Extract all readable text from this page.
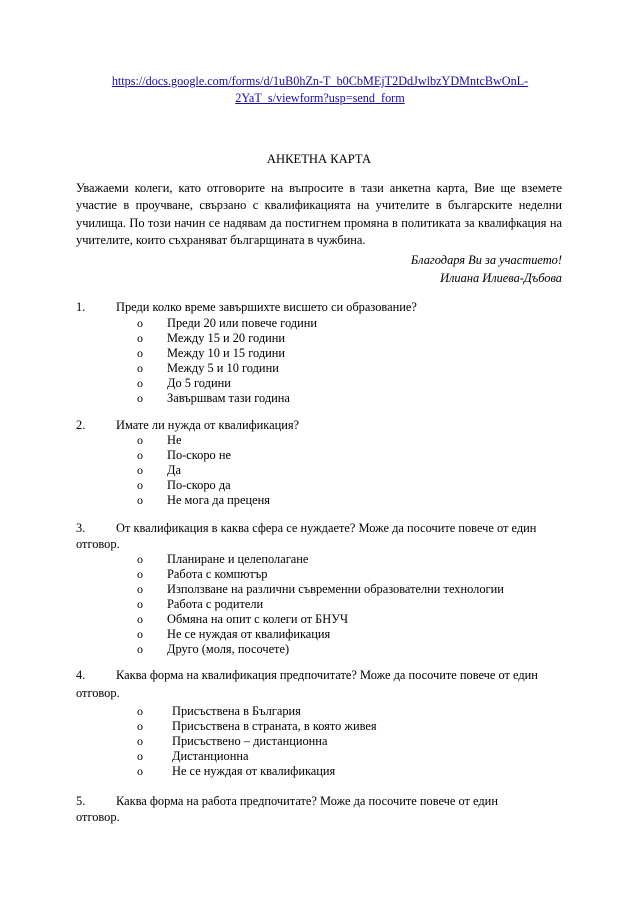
https://docs.google.com/forms/d/1uB0hZn-T_b0CbMEjT2DdJwlbzYDMntcBwOnL-
2YaT_s/viewform?usp=send_form
АНКЕТНА КАРТА
Уважаеми колеги, като отговорите на въпросите в тази анкетна карта, Вие ще вземете участие в проучване, свързано с квалификацията на учителите в българските неделни училища. По този начин се надявам да постигнем промяна в политиката за квалифкация на учителите, които съхраняват българщината в чужбина.
Благодаря Ви за участието!
Илиана Илиева-Дъбова
1. Преди колко време завършихте висшето си образование?
o Преди 20 или повече години
o Между 15 и 20 години
o Между 10 и 15 години
o Между 5 и 10 години
o До 5 години
o Завършвам тази година
2. Имате ли нужда от квалификация?
o Не
o По-скоро не
o Да
o По-скоро да
o Не мога да преценя
3. От квалификация в каква сфера се нуждаете? Може да посочите повече от един
отговор.
o Планиране и целеполагане
o Работа с компютър
o Използване на различни съвременни образователни технологии
o Работа с родители
o Обмяна на опит с колеги от БНУЧ
o Не се нуждая от квалификация
o Друго (моля, посочете)
4. Каква форма на квалификация предпочитате? Може да посочите повече от един
отговор.
o Присъствена в България
o Присъствена в страната, в която живея
o Присъствено – дистанционна
o Дистанционна
o Не се нуждая от квалификация
5. Каква форма на работа предпочитате? Може да посочите повече от един
отговор.
